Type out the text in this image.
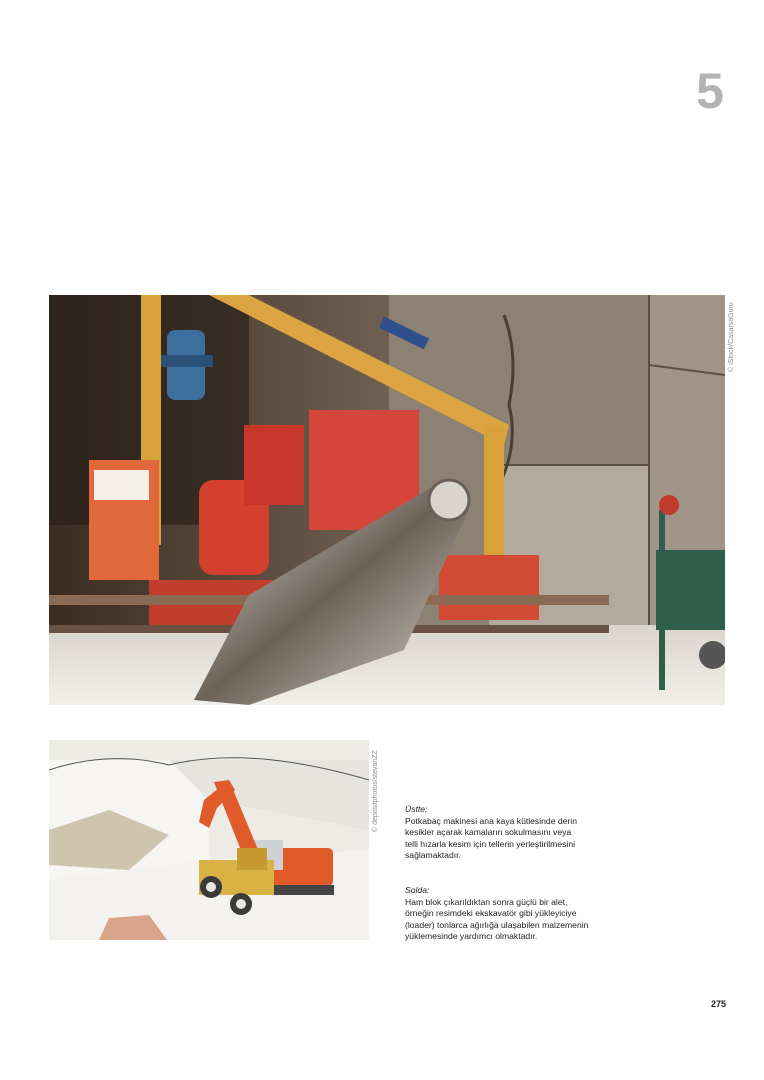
5
© iStock/CasarsaGuru
© depositphotos/stevanZZ	Üstte:
Potkabaç makinesi ana kaya kütlesinde derin
kesikler açarak kamaların sokulmasını veya
telli hızarla kesim için tellerin yerleştirilmesini
sağlamaktadır.
Solda:
Ham blok çıkarıldıktan sonra güçlü bir alet,
örneğin resimdeki ekskavatör gibi yükleyiciye
(loader) tonlarca ağırlığa ulaşabilen malzemenin
yüklemesinde yardımcı olmaktadır.
275
